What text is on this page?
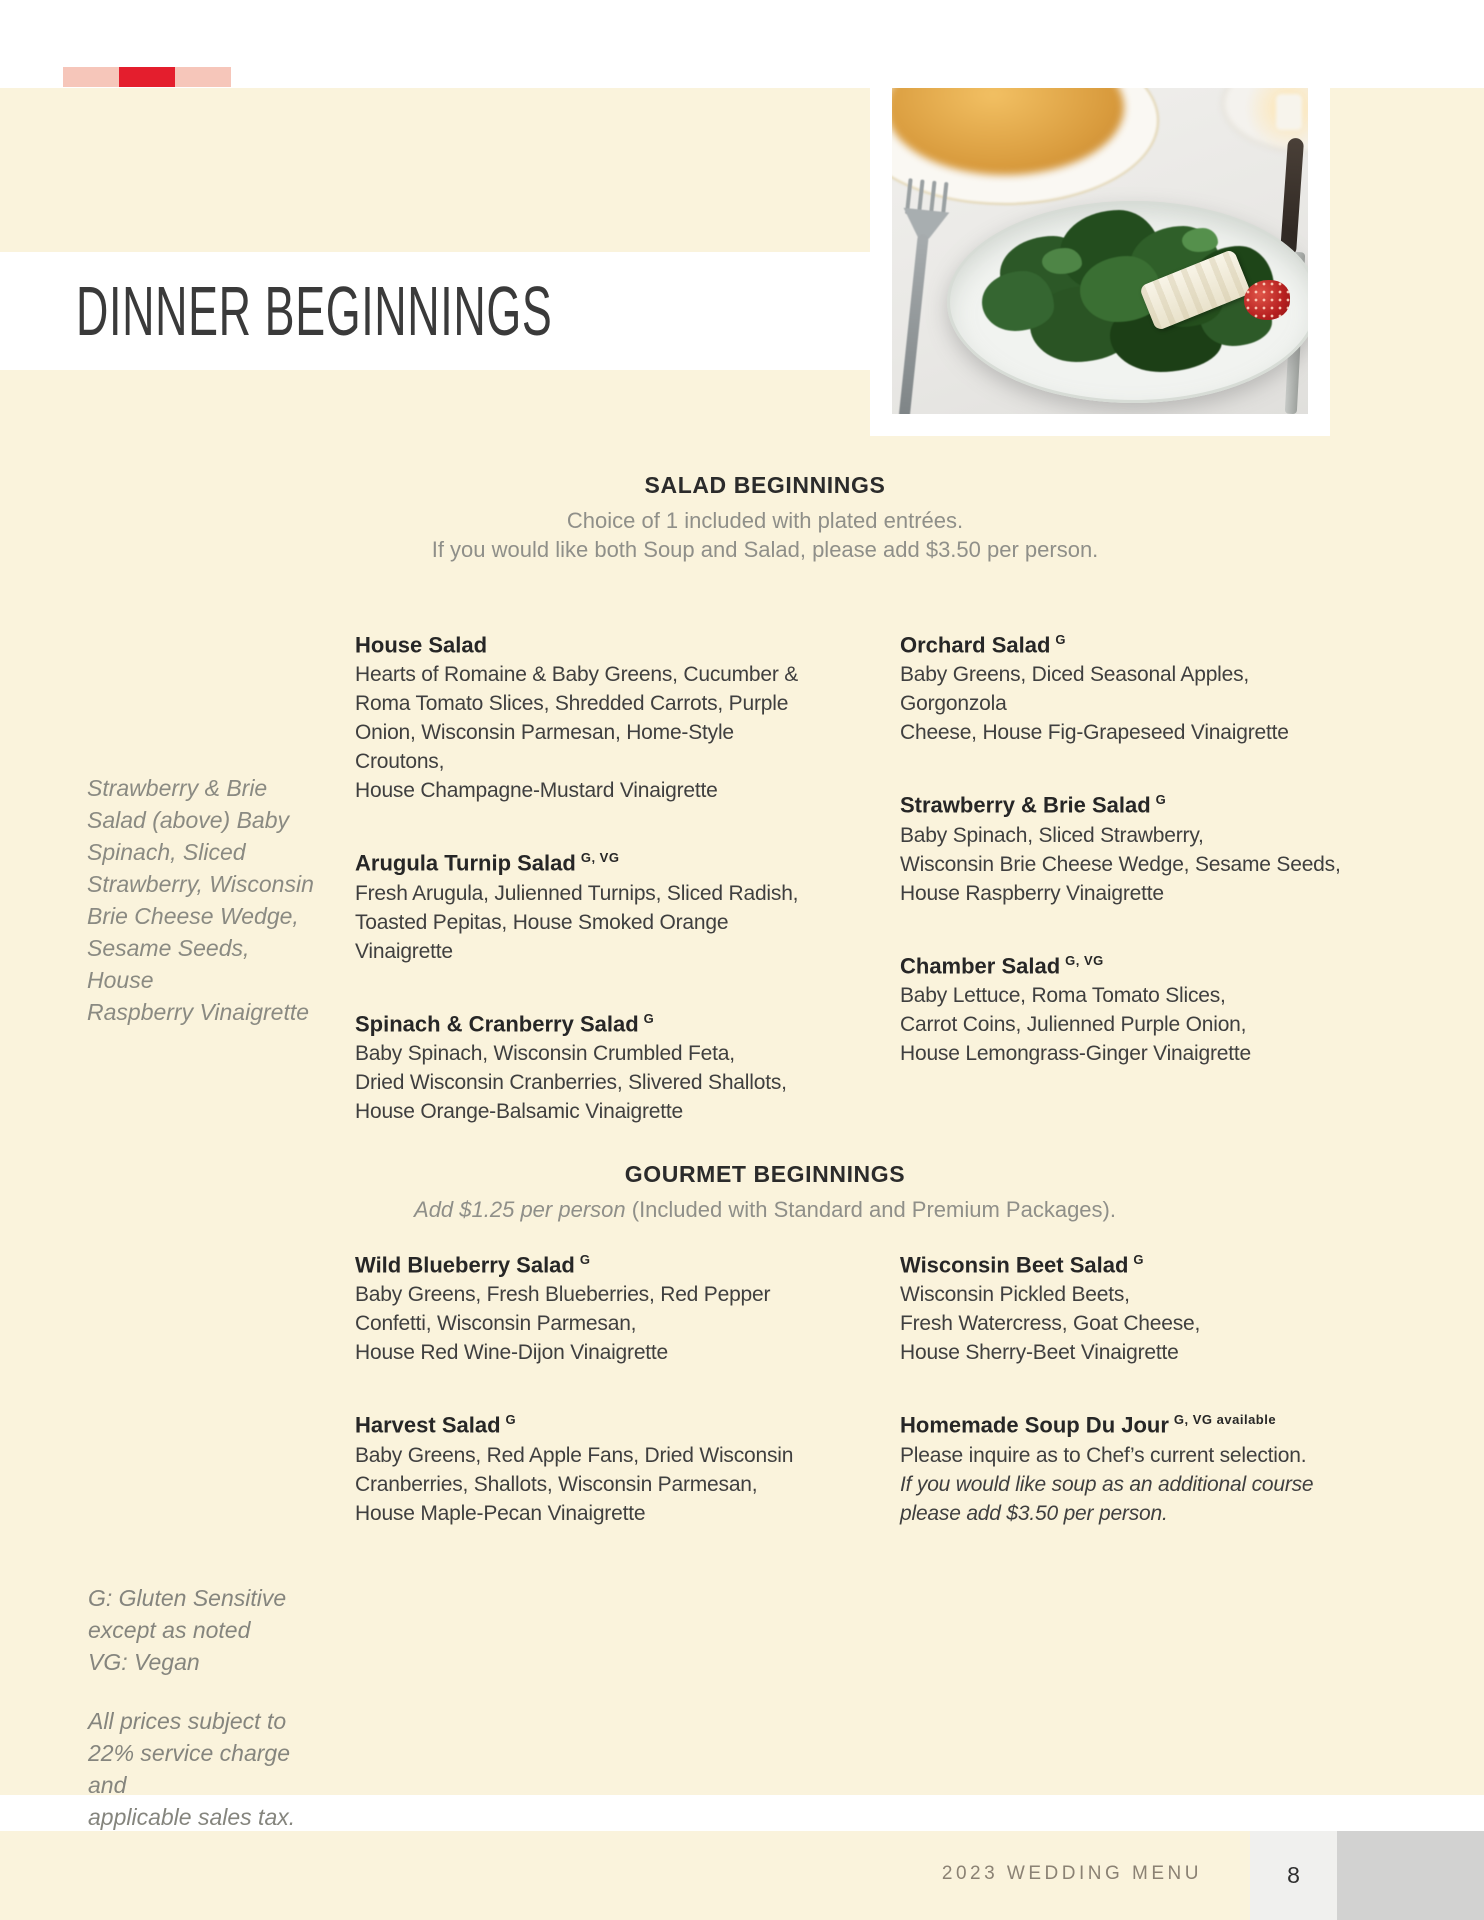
DINNER BEGINNINGS
SALAD BEGINNINGS
Choice of 1 included with plated entrées.
If you would like both Soup and Salad, please add $3.50 per person.
House Salad
Hearts of Romaine & Baby Greens, Cucumber &
Roma Tomato Slices, Shredded Carrots, Purple
Onion, Wisconsin Parmesan, Home-Style Croutons,
House Champagne-Mustard Vinaigrette
Arugula Turnip Salad $^{G, VG}$
Fresh Arugula, Julienned Turnips, Sliced Radish,
Toasted Pepitas, House Smoked Orange
Vinaigrette
Spinach & Cranberry Salad $^G$
Baby Spinach, Wisconsin Crumbled Feta,
Dried Wisconsin Cranberries, Slivered Shallots,
House Orange-Balsamic Vinaigrette
Orchard Salad $^G$
Baby Greens, Diced Seasonal Apples, Gorgonzola
Cheese, House Fig-Grapeseed Vinaigrette
Strawberry & Brie Salad $^G$
Baby Spinach, Sliced Strawberry,
Wisconsin Brie Cheese Wedge, Sesame Seeds,
House Raspberry Vinaigrette
Chamber Salad $^{G, VG}$
Baby Lettuce, Roma Tomato Slices,
Carrot Coins, Julienned Purple Onion,
House Lemongrass-Ginger Vinaigrette
Strawberry & Brie
Salad (above) Baby
Spinach, Sliced
Strawberry, Wisconsin
Brie Cheese Wedge,
Sesame Seeds, House
Raspberry Vinaigrette
GOURMET BEGINNINGS
Add $1.25 per person (Included with Standard and Premium Packages).
Wild Blueberry Salad $^G$
Baby Greens, Fresh Blueberries, Red Pepper
Confetti, Wisconsin Parmesan,
House Red Wine-Dijon Vinaigrette
Harvest Salad $^G$
Baby Greens, Red Apple Fans, Dried Wisconsin
Cranberries, Shallots, Wisconsin Parmesan,
House Maple-Pecan Vinaigrette
Wisconsin Beet Salad $^G$
Wisconsin Pickled Beets,
Fresh Watercress, Goat Cheese,
House Sherry-Beet Vinaigrette
Homemade Soup Du Jour $^{G, VG available}$
Please inquire as to Chef’s current selection.
If you would like soup as an additional course
please add $3.50 per person.
G: Gluten Sensitive
except as noted
VG: Vegan
All prices subject to
22% service charge and
applicable sales tax.
2023 WEDDING MENU	8
